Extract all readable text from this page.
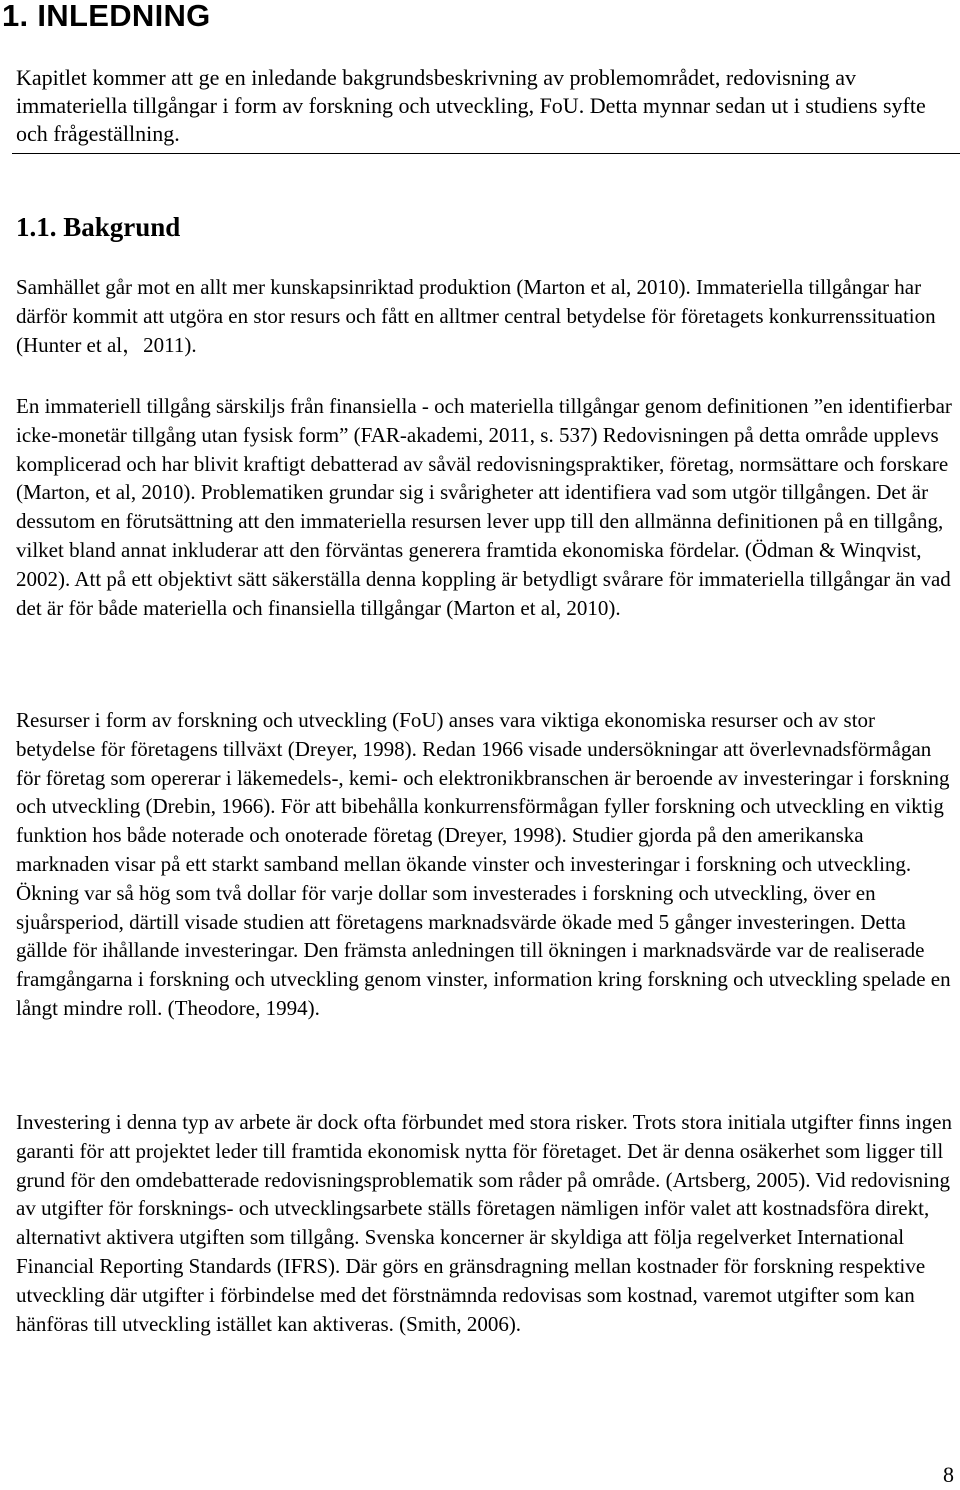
1. INLEDNING

Kapitlet kommer att ge en inledande bakgrundsbeskrivning av problemområdet, redovisning av immateriella tillgångar i form av forskning och utveckling, FoU. Detta mynnar sedan ut i studiens syfte och frågeställning.

1.1. Bakgrund

Samhället går mot en allt mer kunskapsinriktad produktion (Marton et al, 2010). Immateriella tillgångar har därför kommit att utgöra en stor resurs och fått en alltmer central betydelse för företagets konkurrenssituation (Hunter et al，2011).

En immateriell tillgång särskiljs från finansiella - och materiella tillgångar genom definitionen ”en identifierbar icke-monetär tillgång utan fysisk form” (FAR-akademi, 2011, s. 537) Redovisningen på detta område upplevs komplicerad och har blivit kraftigt debatterad av såväl redovisningspraktiker, företag, normsättare och forskare (Marton, et al, 2010). Problematiken grundar sig i svårigheter att identifiera vad som utgör tillgången. Det är dessutom en förutsättning att den immateriella resursen lever upp till den allmänna definitionen på en tillgång, vilket bland annat inkluderar att den förväntas generera framtida ekonomiska fördelar. (Ödman & Winqvist, 2002). Att på ett objektivt sätt säkerställa denna koppling är betydligt svårare för immateriella tillgångar än vad det är för både materiella och finansiella tillgångar (Marton et al, 2010).

Resurser i form av forskning och utveckling (FoU) anses vara viktiga ekonomiska resurser och av stor betydelse för företagens tillväxt (Dreyer, 1998). Redan 1966 visade undersökningar att överlevnadsförmågan för företag som opererar i läkemedels-, kemi- och elektronikbranschen är beroende av investeringar i forskning och utveckling (Drebin, 1966). För att bibehålla konkurrensförmågan fyller forskning och utveckling en viktig funktion hos både noterade och onoterade företag (Dreyer, 1998). Studier gjorda på den amerikanska marknaden visar på ett starkt samband mellan ökande vinster och investeringar i forskning och utveckling. Ökning var så hög som två dollar för varje dollar som investerades i forskning och utveckling, över en sjuårsperiod, därtill visade studien att företagens marknadsvärde ökade med 5 gånger investeringen. Detta gällde för ihållande investeringar. Den främsta anledningen till ökningen i marknadsvärde var de realiserade framgångarna i forskning och utveckling genom vinster, information kring forskning och utveckling spelade en långt mindre roll. (Theodore, 1994).

Investering i denna typ av arbete är dock ofta förbundet med stora risker. Trots stora initiala utgifter finns ingen garanti för att projektet leder till framtida ekonomisk nytta för företaget. Det är denna osäkerhet som ligger till grund för den omdebatterade redovisningsproblematik som råder på område. (Artsberg, 2005). Vid redovisning av utgifter för forsknings- och utvecklingsarbete ställs företagen nämligen inför valet att kostnadsföra direkt, alternativt aktivera utgiften som tillgång. Svenska koncerner är skyldiga att följa regelverket International Financial Reporting Standards (IFRS). Där görs en gränsdragning mellan kostnader för forskning respektive utveckling där utgifter i förbindelse med det förstnämnda redovisas som kostnad, varemot utgifter som kan hänföras till utveckling istället kan aktiveras. (Smith, 2006).

8
